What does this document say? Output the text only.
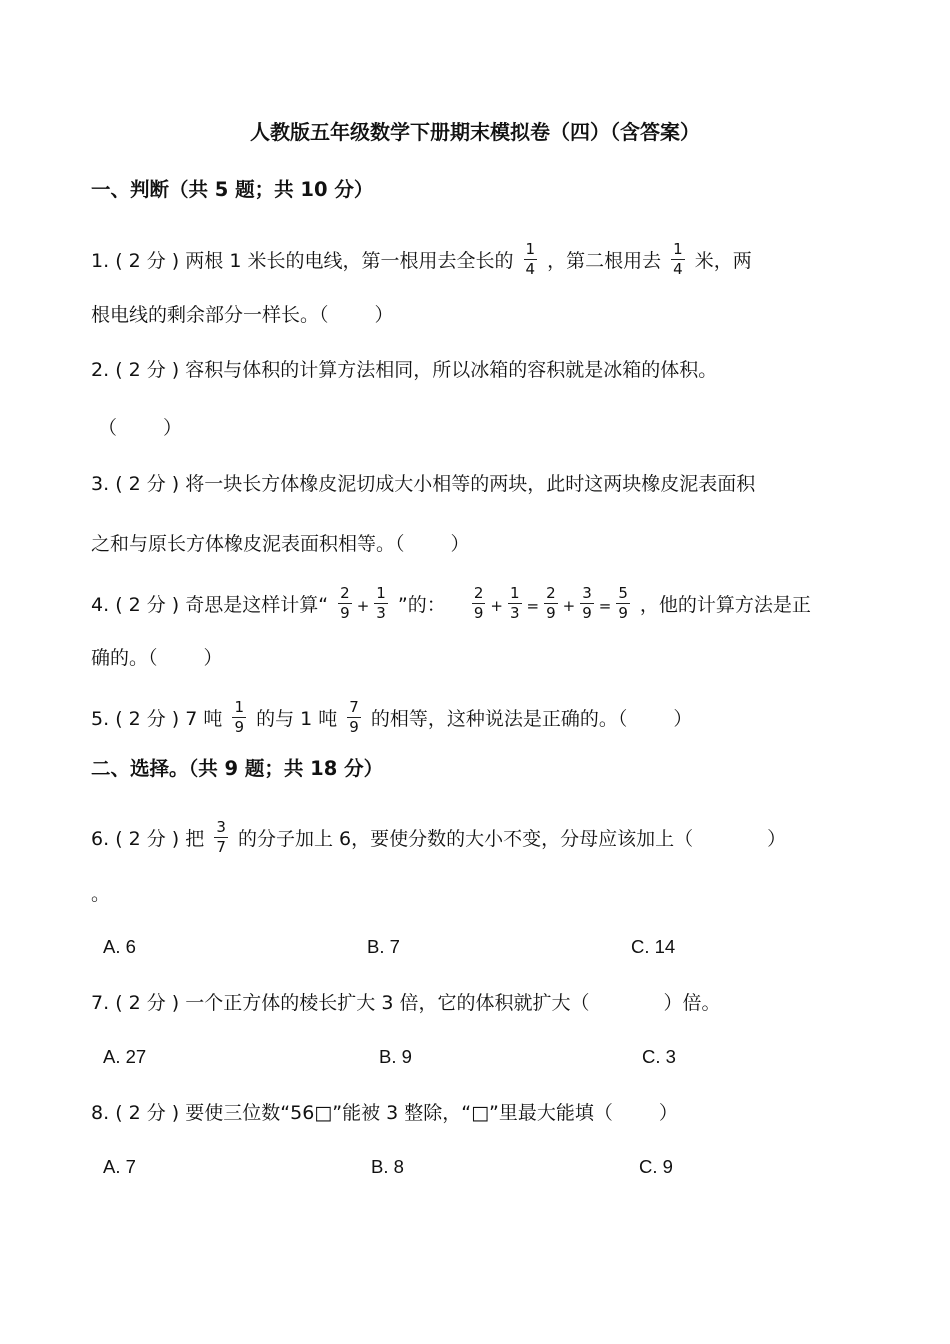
人教版五年级数学下册期末模拟卷（四）（含答案）
一、判断（共 5 题；共 10 分）
1. ( 2 分 ) 两根 1 米长的电线，第一根用去全长的 $\frac{1}{4}$ ，第二根用去 $\frac{1}{4}$ 米，两
根电线的剩余部分一样长。（ ）
2. ( 2 分 ) 容积与体积的计算方法相同，所以冰箱的容积就是冰箱的体积。
（ ）
3. ( 2 分 ) 将一块长方体橡皮泥切成大小相等的两块，此时这两块橡皮泥表面积
之和与原长方体橡皮泥表面积相等。（ ）
4. ( 2 分 ) 奇思是这样计算“ $\frac{2}{9} + \frac{1}{3}$ ”的： $\frac{2}{9} + \frac{1}{3} = \frac{2}{9} + \frac{3}{9} = \frac{5}{9}$ ，他的计算方法是正
确的。（ ）
5. ( 2 分 ) 7 吨 $\frac{1}{9}$ 的与 1 吨 $\frac{7}{9}$ 的相等，这种说法是正确的。（ ）
二、选择。（共 9 题；共 18 分）
6. ( 2 分 ) 把 $\frac{3}{7}$ 的分子加上 6，要使分数的大小不变，分母应该加上（	）
。
A. 6	B. 7	C. 14
7. ( 2 分 ) 一个正方体的棱长扩大 3 倍，它的体积就扩大（	）倍。
A. 27	B. 9	C. 3
8. ( 2 分 ) 要使三位数“56□”能被 3 整除，“□”里最大能填（ ）
A. 7	B. 8	C. 9
